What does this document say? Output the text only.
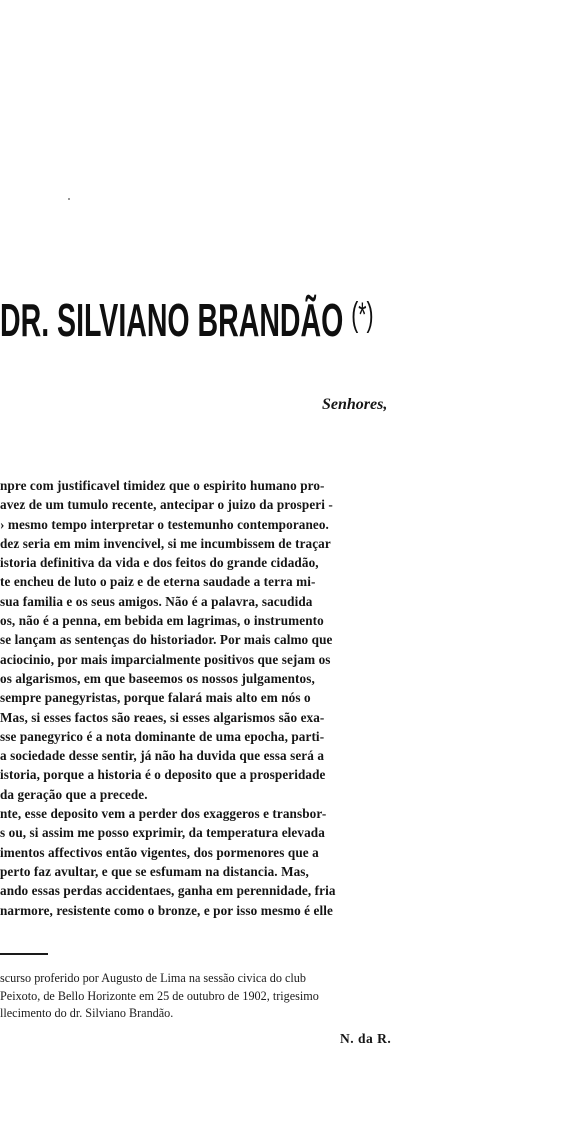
DR. SILVIANO BRANDÃO (*)
Senhores,
npre com justificavel timidez que o espirito humano pro-
avez de um tumulo recente, antecipar o juizo da prosperi -
› mesmo tempo interpretar o testemunho contemporaneo.
dez seria em mim invencivel, si me incumbissem de traçar
istoria definitiva da vida e dos feitos do grande cidadão,
te encheu de luto o paiz e de eterna saudade a terra mi-
sua familia e os seus amigos. Não é a palavra, sacudida
os, não é a penna, em bebida em lagrimas, o instrumento
se lançam as sentenças do historiador. Por mais calmo que
aciocinio, por mais imparcialmente positivos que sejam os
os algarismos, em que baseemos os nossos julgamentos,
sempre panegyristas, porque falará mais alto em nós o
Mas, si esses factos são reaes, si esses algarismos são exa-
sse panegyrico é a nota dominante de uma epocha, parti-
a sociedade desse sentir, já não ha duvida que essa será a
istoria, porque a historia é o deposito que a prosperidade
da geração que a precede.
nte, esse deposito vem a perder dos exaggeros e transbor-
s ou, si assim me posso exprimir, da temperatura elevada
imentos affectivos então vigentes, dos pormenores que a
perto faz avultar, e que se esfumam na distancia. Mas,
ando essas perdas accidentaes, ganha em perennidade, fria
narmore, resistente como o bronze, e por isso mesmo é elle
scurso proferido por Augusto de Lima na sessão civica do club
Peixoto, de Bello Horizonte em 25 de outubro de 1902, trigesimo
llecimento do dr. Silviano Brandão.
N. da R.
